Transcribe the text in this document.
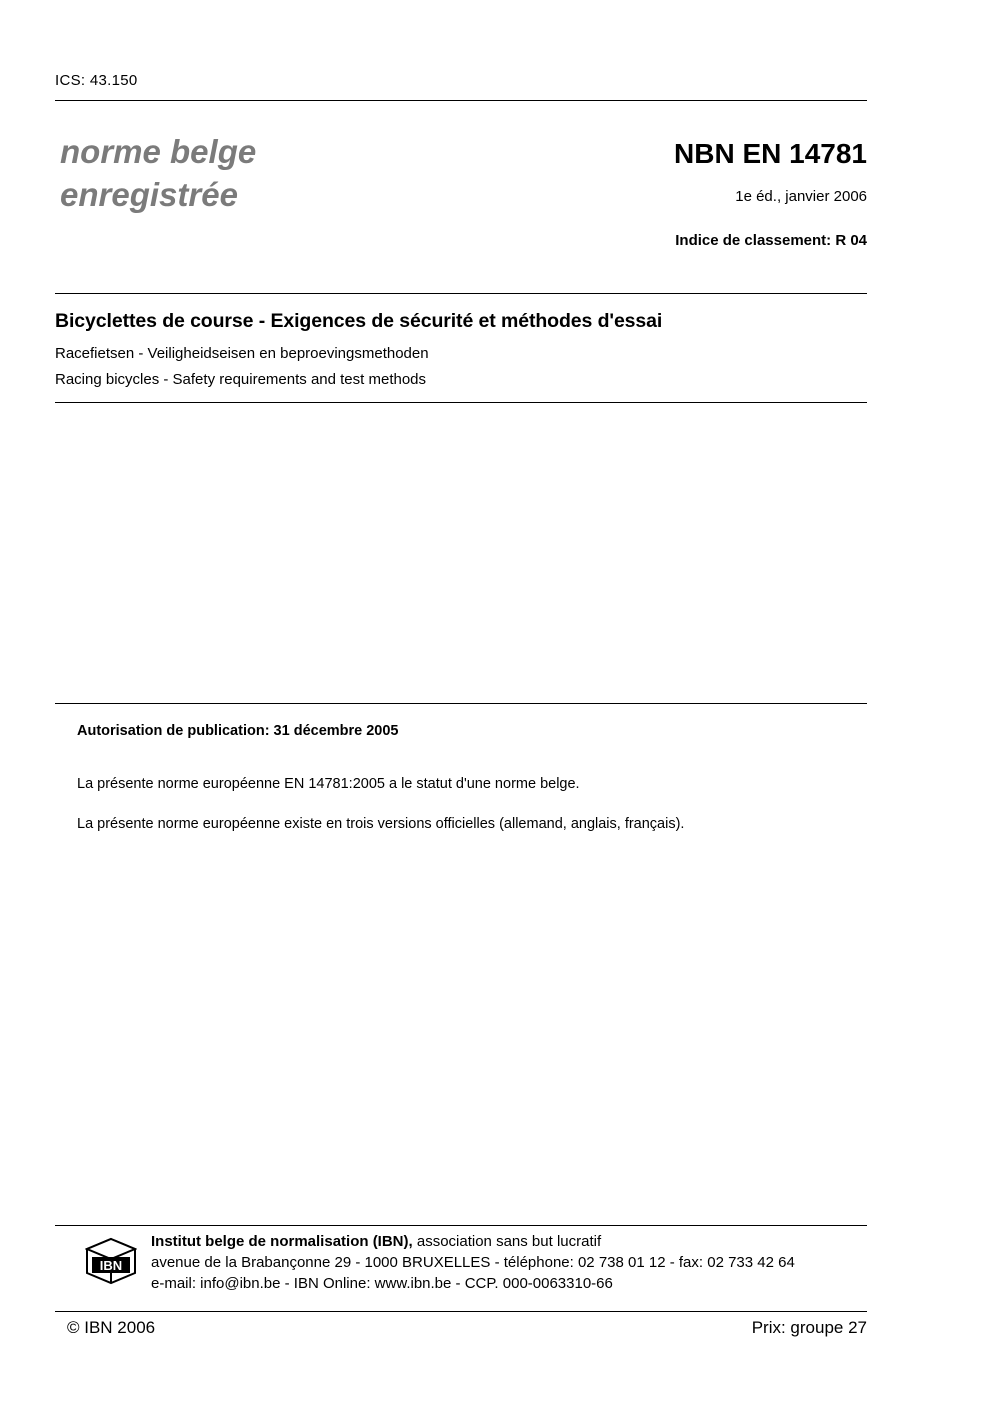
ICS: 43.150
norme belge
enregistrée
NBN EN 14781
1e éd., janvier 2006
Indice de classement: R 04
Bicyclettes de course - Exigences de sécurité et méthodes d'essai
Racefietsen - Veiligheidseisen en beproevingsmethoden
Racing bicycles - Safety requirements and test methods
Autorisation de publication: 31 décembre 2005
La présente norme européenne EN 14781:2005 a le statut d'une norme belge.
La présente norme européenne existe en trois versions officielles (allemand, anglais, français).
IBN
Institut belge de normalisation (IBN), association sans but lucratif
avenue de la Brabançonne 29 - 1000 BRUXELLES - téléphone: 02 738 01 12 - fax: 02 733 42 64
e-mail: info@ibn.be - IBN Online: www.ibn.be - CCP. 000-0063310-66
© IBN 2006	Prix: groupe 27
